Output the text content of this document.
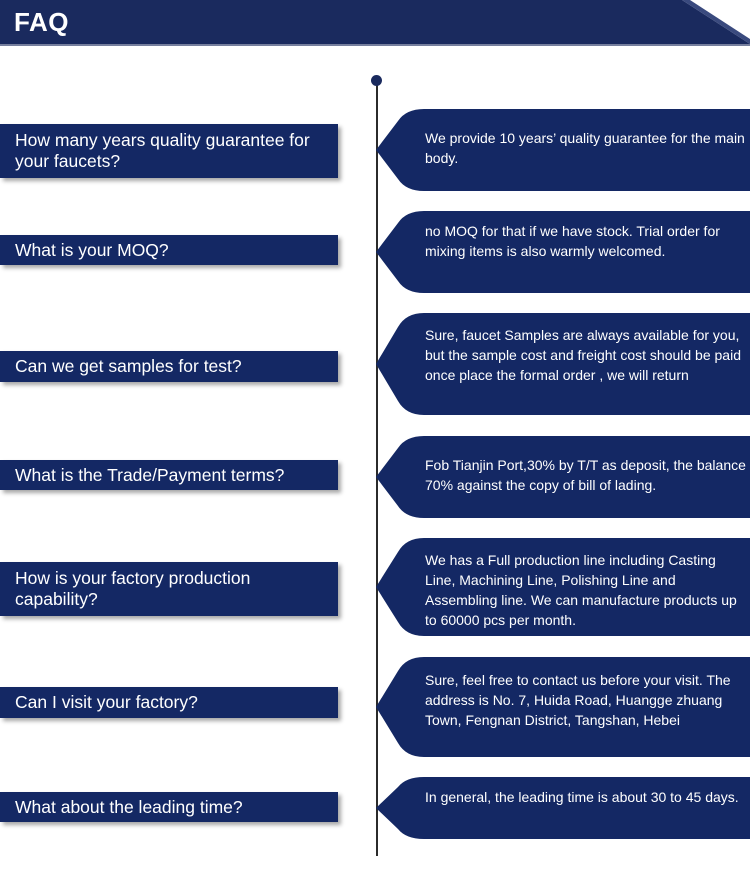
FAQ
How many years quality guarantee for your faucets?
We provide 10 years’ quality guarantee for the main body.
What is your MOQ?
no MOQ for that if we have stock. Trial order for mixing items is also warmly welcomed.
Can we get samples for test?
Sure, faucet Samples are always available for you, but the sample cost and freight cost should be paid once place the formal order , we will return
What is the Trade/Payment terms?	Fob Tianjin Port,30% by T/T as deposit, the balance 70% against the copy of bill of lading.
How is your factory production capability?
We has a Full production line including Casting Line, Machining Line, Polishing Line and Assembling line. We can manufacture products up to 60000 pcs per month.
Can I visit your factory?
Sure, feel free to contact us before your visit. The address is No. 7, Huida Road, Huangge zhuang Town, Fengnan District, Tangshan, Hebei
What about the leading time?	In general, the leading time is about 30 to 45 days.
